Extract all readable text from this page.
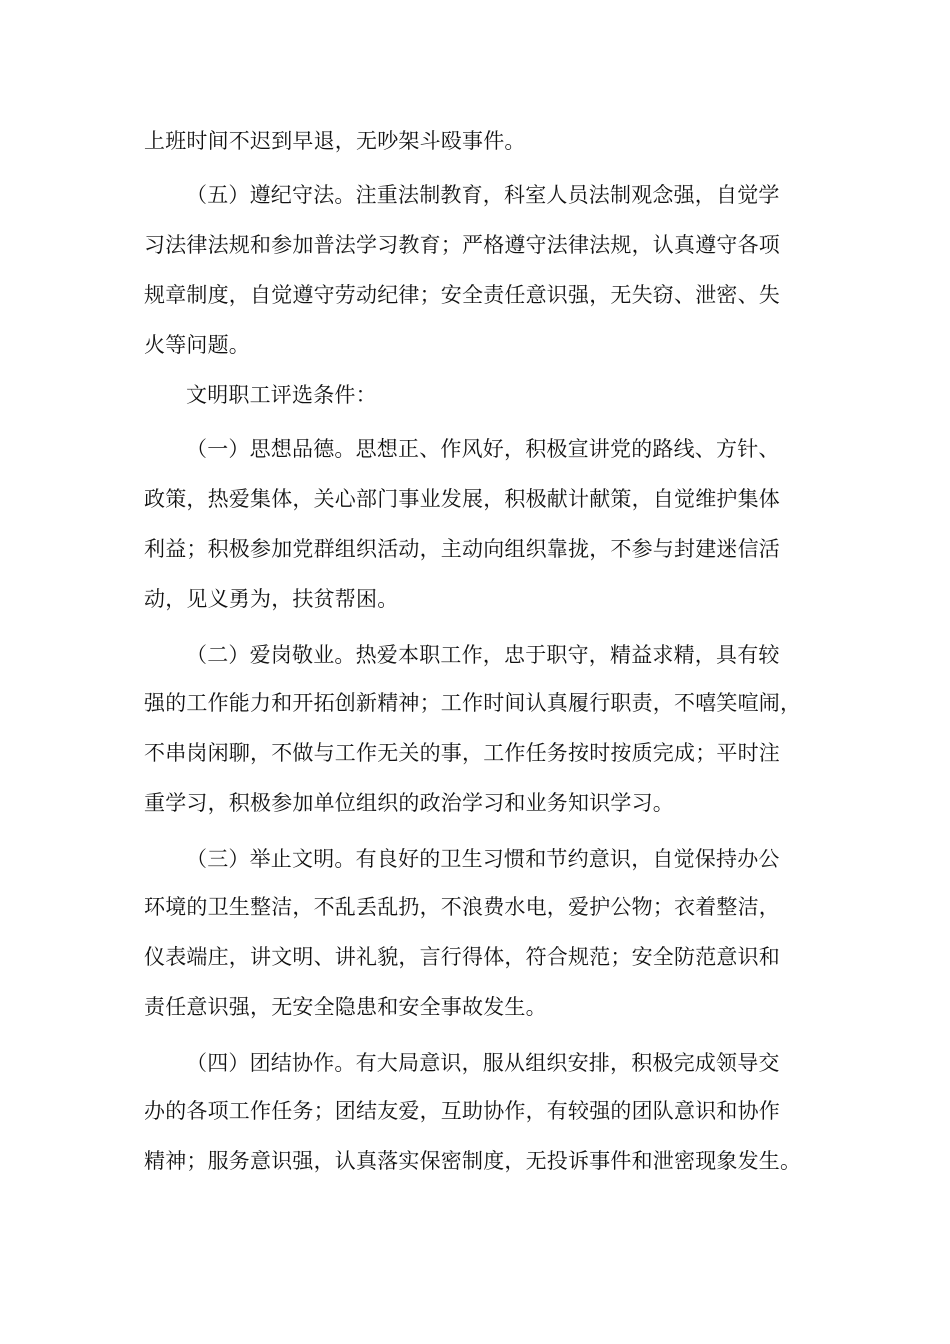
上班时间不迟到早退，无吵架斗殴事件。
（五）遵纪守法。注重法制教育，科室人员法制观念强，自觉学
习法律法规和参加普法学习教育；严格遵守法律法规，认真遵守各项
规章制度，自觉遵守劳动纪律；安全责任意识强，无失窃、泄密、失
火等问题。
文明职工评选条件：
（一）思想品德。思想正、作风好，积极宣讲党的路线、方针、
政策，热爱集体，关心部门事业发展，积极献计献策，自觉维护集体
利益；积极参加党群组织活动，主动向组织靠拢，不参与封建迷信活
动，见义勇为，扶贫帮困。
（二）爱岗敬业。热爱本职工作，忠于职守，精益求精，具有较
强的工作能力和开拓创新精神；工作时间认真履行职责，不嘻笑喧闹，
不串岗闲聊，不做与工作无关的事，工作任务按时按质完成；平时注
重学习，积极参加单位组织的政治学习和业务知识学习。
（三）举止文明。有良好的卫生习惯和节约意识，自觉保持办公
环境的卫生整洁，不乱丢乱扔，不浪费水电，爱护公物；衣着整洁，
仪表端庄，讲文明、讲礼貌，言行得体，符合规范；安全防范意识和
责任意识强，无安全隐患和安全事故发生。
（四）团结协作。有大局意识，服从组织安排，积极完成领导交
办的各项工作任务；团结友爱，互助协作，有较强的团队意识和协作
精神；服务意识强，认真落实保密制度，无投诉事件和泄密现象发生。
